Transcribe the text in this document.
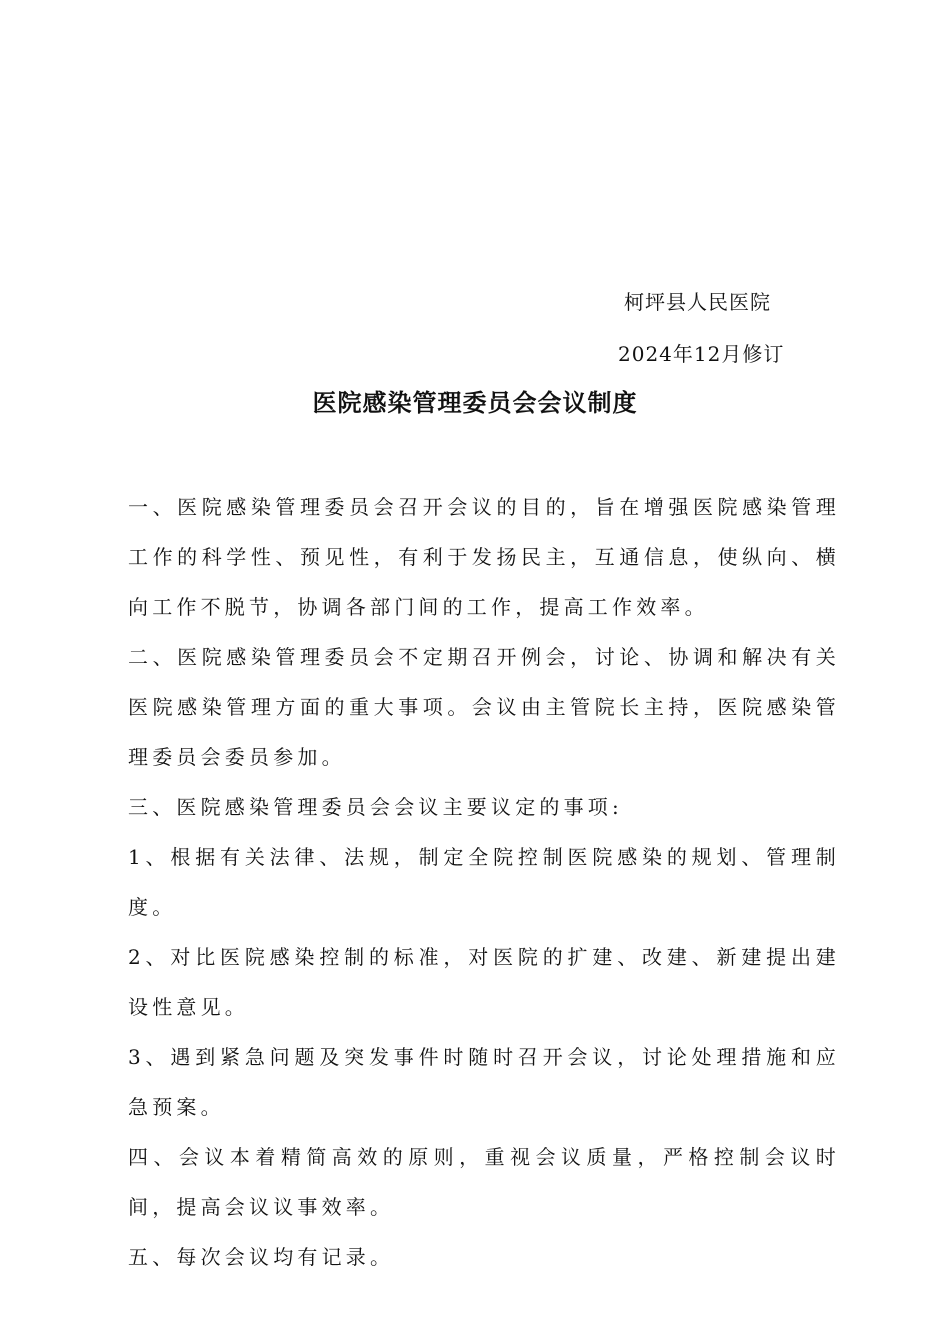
柯坪县人民医院
2024年12月修订
医院感染管理委员会会议制度

一、医院感染管理委员会召开会议的目的，旨在增强医院感染管理工作的科学性、预见性，有利于发扬民主，互通信息，使纵向、横向工作不脱节，协调各部门间的工作，提高工作效率。

二、医院感染管理委员会不定期召开例会，讨论、协调和解决有关医院感染管理方面的重大事项。会议由主管院长主持，医院感染管理委员会委员参加。

三、医院感染管理委员会会议主要议定的事项:

1、根据有关法律、法规，制定全院控制医院感染的规划、管理制度。

2、对比医院感染控制的标准，对医院的扩建、改建、新建提出建设性意见。

3、遇到紧急问题及突发事件时随时召开会议，讨论处理措施和应急预案。

四、会议本着精简高效的原则，重视会议质量，严格控制会议时间，提高会议议事效率。

五、每次会议均有记录。
